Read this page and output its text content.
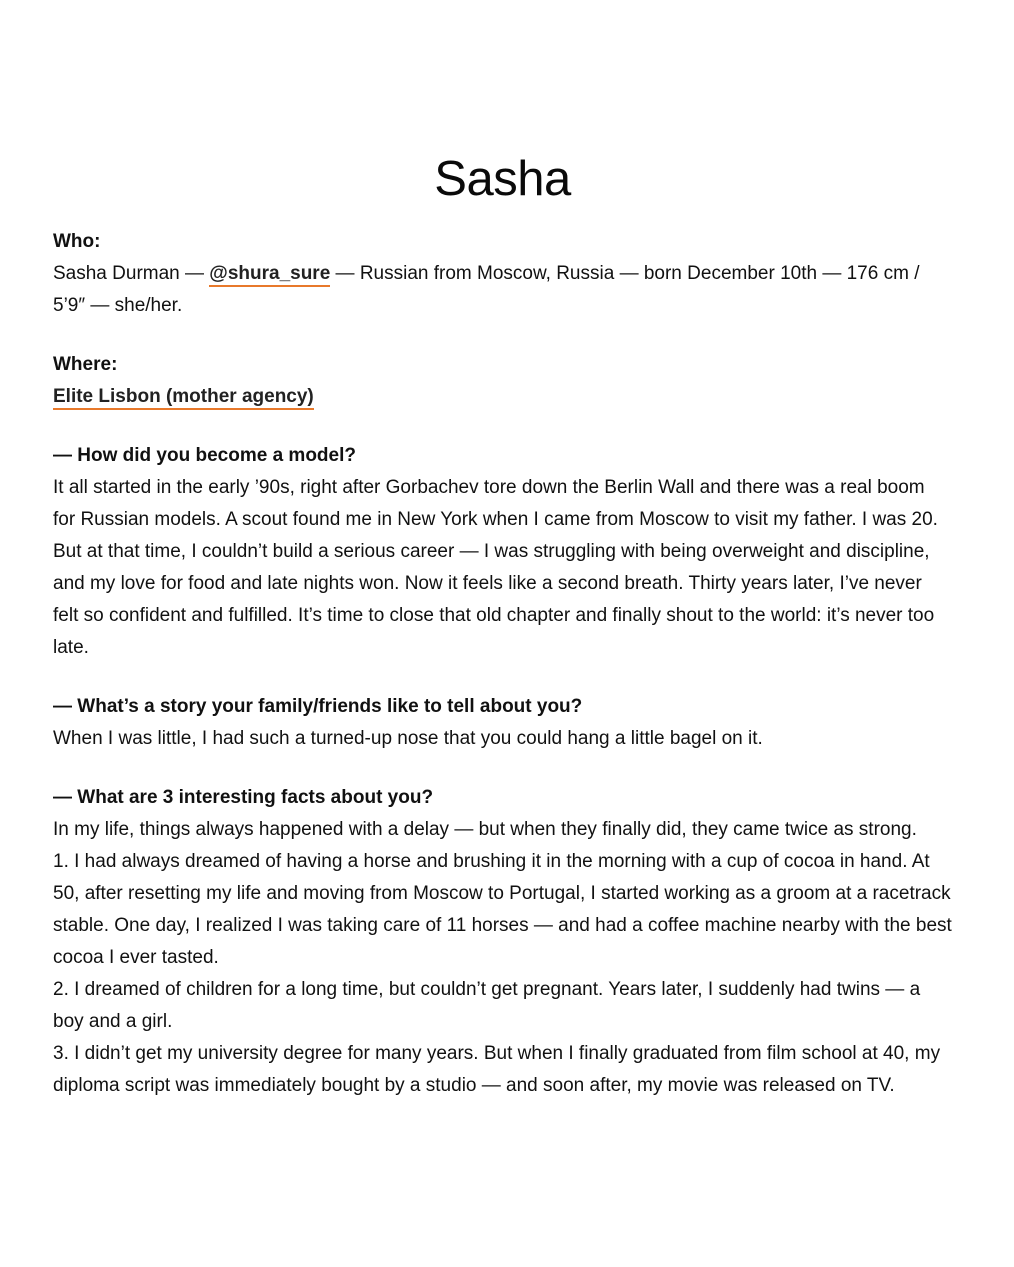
Sasha
Who:
Sasha Durman — @shura_sure — Russian from Moscow, Russia — born December 10th — 176 cm / 5’9″ — she/her.
Where:
Elite Lisbon (mother agency)
— How did you become a model?
It all started in the early ’90s, right after Gorbachev tore down the Berlin Wall and there was a real boom for Russian models. A scout found me in New York when I came from Moscow to visit my father. I was 20. But at that time, I couldn’t build a serious career — I was struggling with being overweight and discipline, and my love for food and late nights won. Now it feels like a second breath. Thirty years later, I’ve never felt so confident and fulfilled. It’s time to close that old chapter and finally shout to the world: it’s never too late.
— What’s a story your family/friends like to tell about you?
When I was little, I had such a turned-up nose that you could hang a little bagel on it.
— What are 3 interesting facts about you?
In my life, things always happened with a delay — but when they finally did, they came twice as strong.
1. I had always dreamed of having a horse and brushing it in the morning with a cup of cocoa in hand. At 50, after resetting my life and moving from Moscow to Portugal, I started working as a groom at a racetrack stable. One day, I realized I was taking care of 11 horses — and had a coffee machine nearby with the best cocoa I ever tasted.
2. I dreamed of children for a long time, but couldn’t get pregnant. Years later, I suddenly had twins — a boy and a girl.
3. I didn’t get my university degree for many years. But when I finally graduated from film school at 40, my diploma script was immediately bought by a studio — and soon after, my movie was released on TV.
